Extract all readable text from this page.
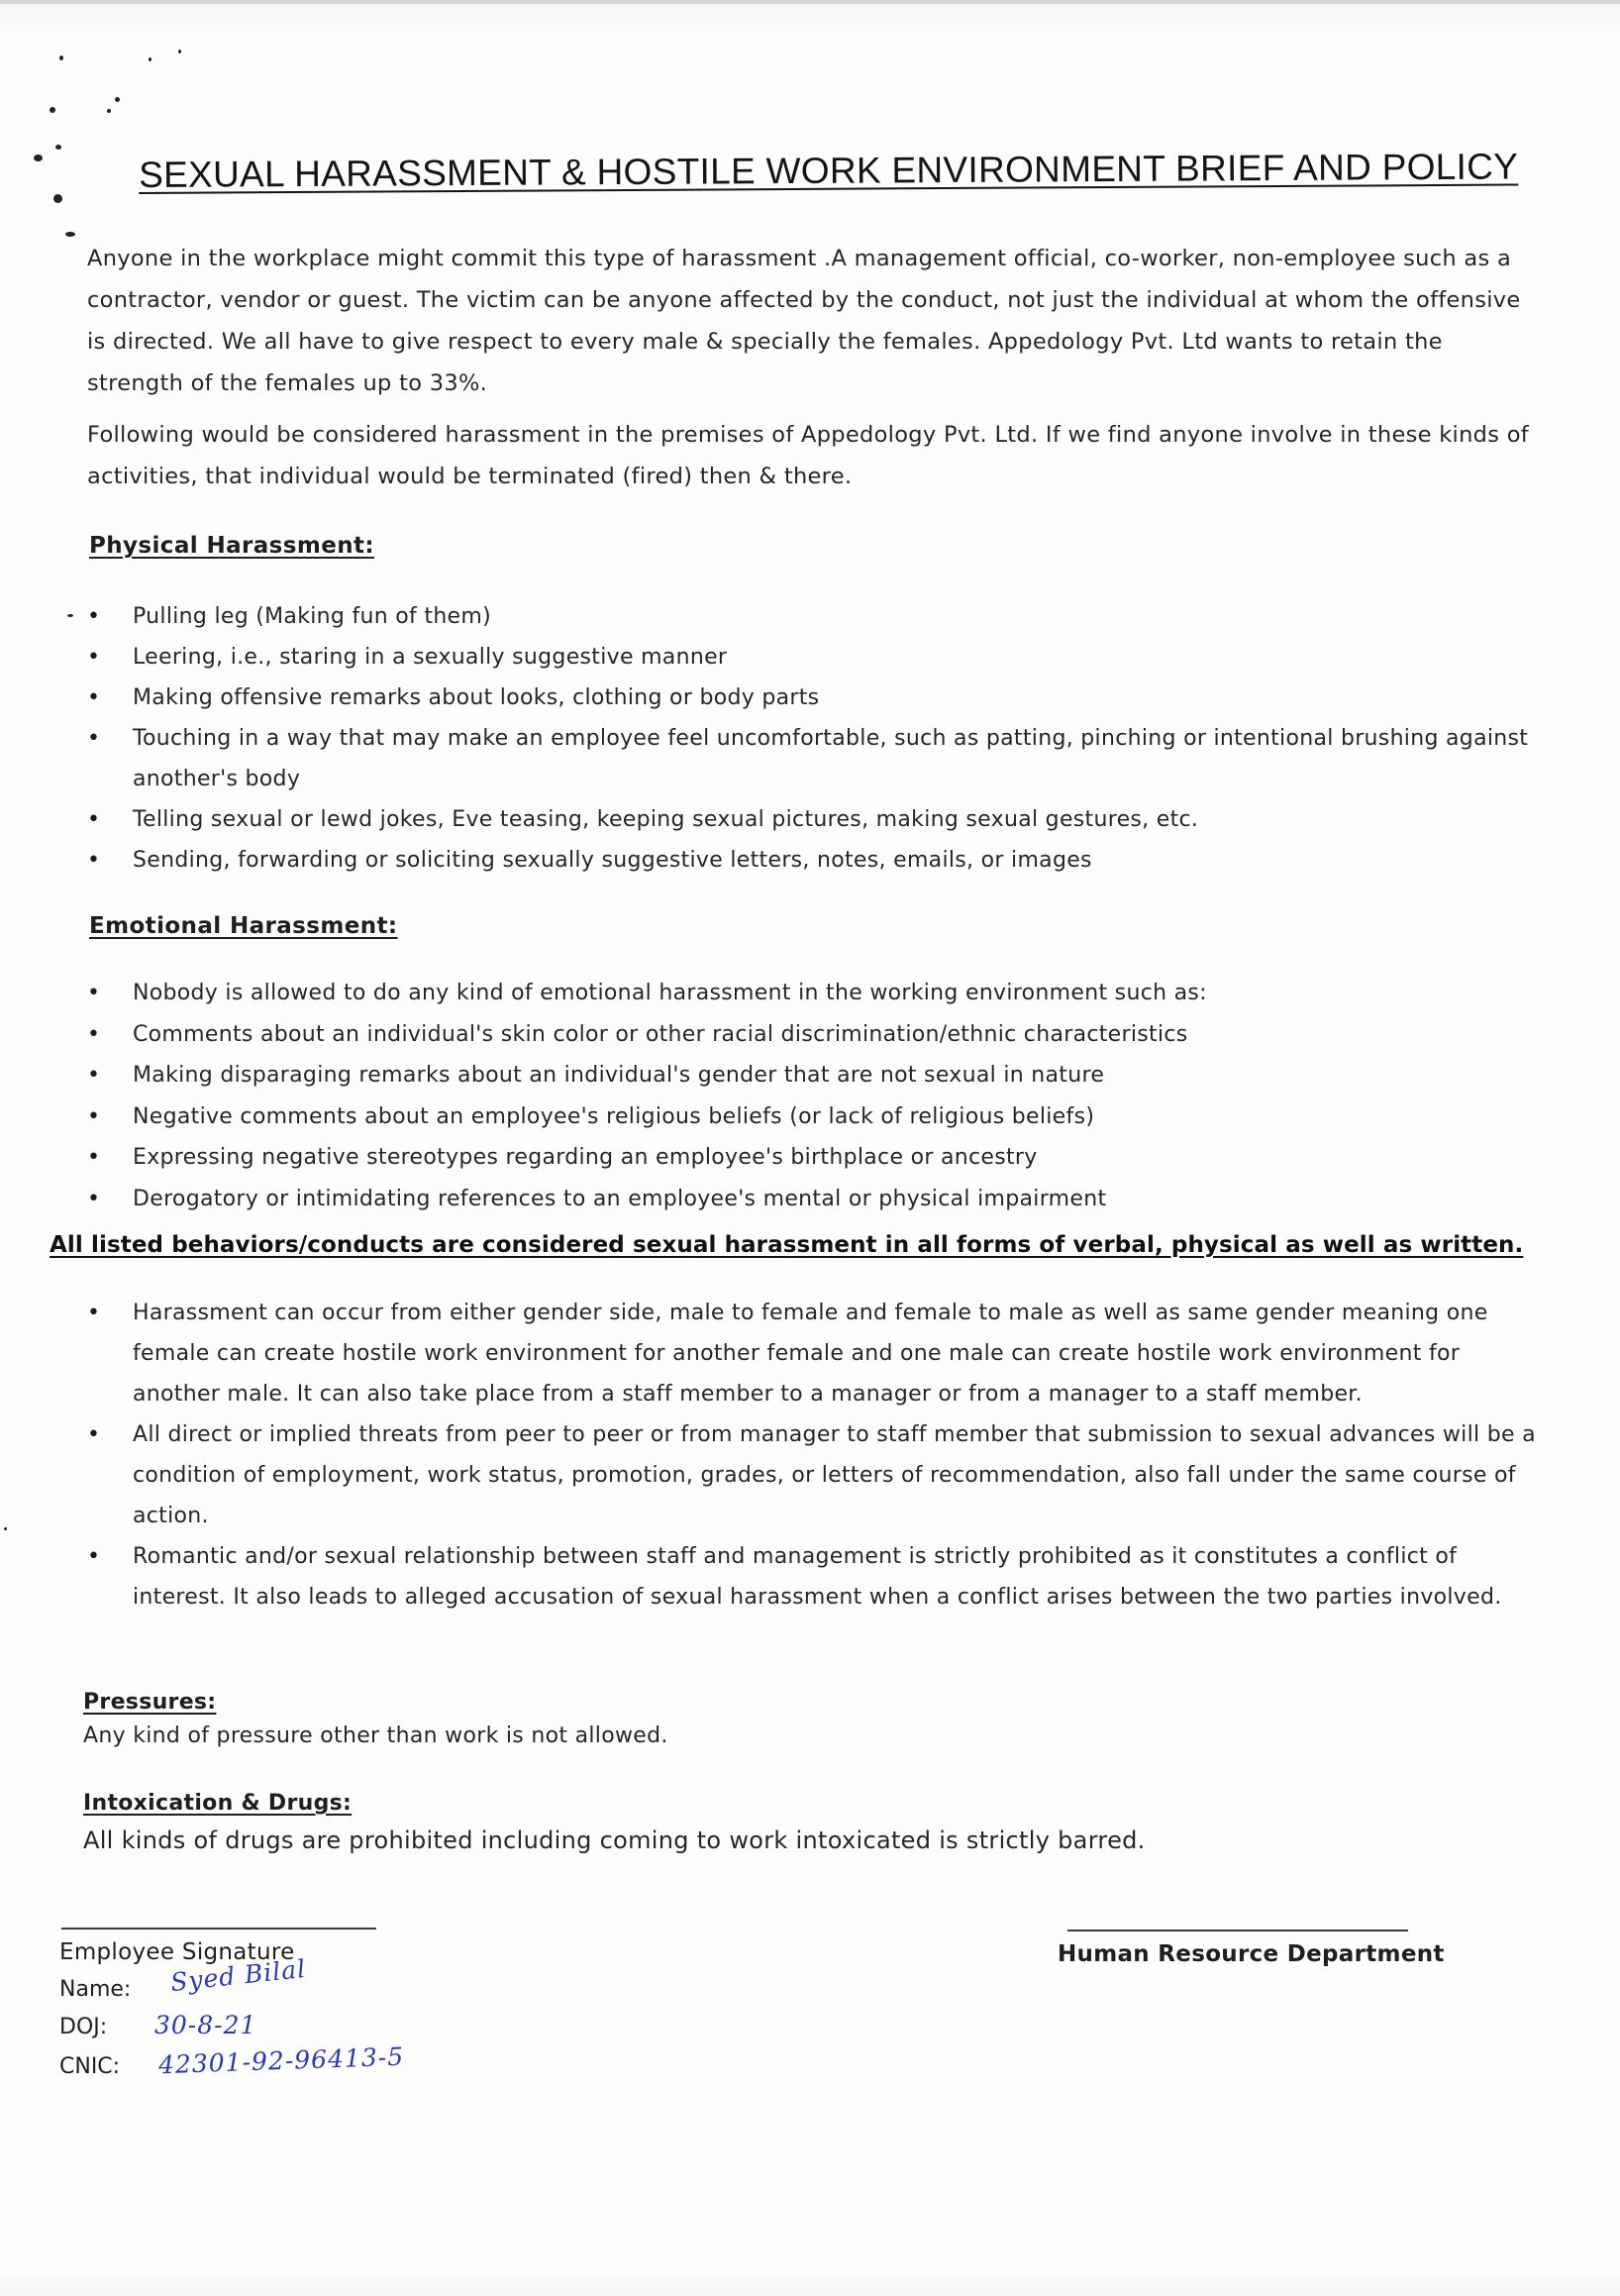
SEXUAL HARASSMENT & HOSTILE WORK ENVIRONMENT BRIEF AND POLICY

Anyone in the workplace might commit this type of harassment .A management official, co-worker, non-employee such as a contractor, vendor or guest. The victim can be anyone affected by the conduct, not just the individual at whom the offensive is directed. We all have to give respect to every male & specially the females. Appedology Pvt. Ltd wants to retain the strength of the females up to 33%.

Following would be considered harassment in the premises of Appedology Pvt. Ltd. If we find anyone involve in these kinds of activities, that individual would be terminated (fired) then & there.

Physical Harassment:
• Pulling leg (Making fun of them)
• Leering, i.e., staring in a sexually suggestive manner
• Making offensive remarks about looks, clothing or body parts
• Touching in a way that may make an employee feel uncomfortable, such as patting, pinching or intentional brushing against another's body
• Telling sexual or lewd jokes, Eve teasing, keeping sexual pictures, making sexual gestures, etc.
• Sending, forwarding or soliciting sexually suggestive letters, notes, emails, or images
Emotional Harassment:
• Nobody is allowed to do any kind of emotional harassment in the working environment such as:
• Comments about an individual's skin color or other racial discrimination/ethnic characteristics
• Making disparaging remarks about an individual's gender that are not sexual in nature
• Negative comments about an employee's religious beliefs (or lack of religious beliefs)
• Expressing negative stereotypes regarding an employee's birthplace or ancestry
• Derogatory or intimidating references to an employee's mental or physical impairment

All listed behaviors/conducts are considered sexual harassment in all forms of verbal, physical as well as written.

• Harassment can occur from either gender side, male to female and female to male as well as same gender meaning one female can create hostile work environment for another female and one male can create hostile work environment for another male. It can also take place from a staff member to a manager or from a manager to a staff member.
• All direct or implied threats from peer to peer or from manager to staff member that submission to sexual advances will be a condition of employment, work status, promotion, grades, or letters of recommendation, also fall under the same course of action.
• Romantic and/or sexual relationship between staff and management is strictly prohibited as it constitutes a conflict of interest. It also leads to alleged accusation of sexual harassment when a conflict arises between the two parties involved.
Pressures:

Any kind of pressure other than work is not allowed.

Intoxication & Drugs:

All kinds of drugs are prohibited including coming to work intoxicated is strictly barred.

Employee Signature	Human Resource Department

Name:

DOJ:

CNIC:

Syed Bilal
30-8-21
42301-92-96413-5
